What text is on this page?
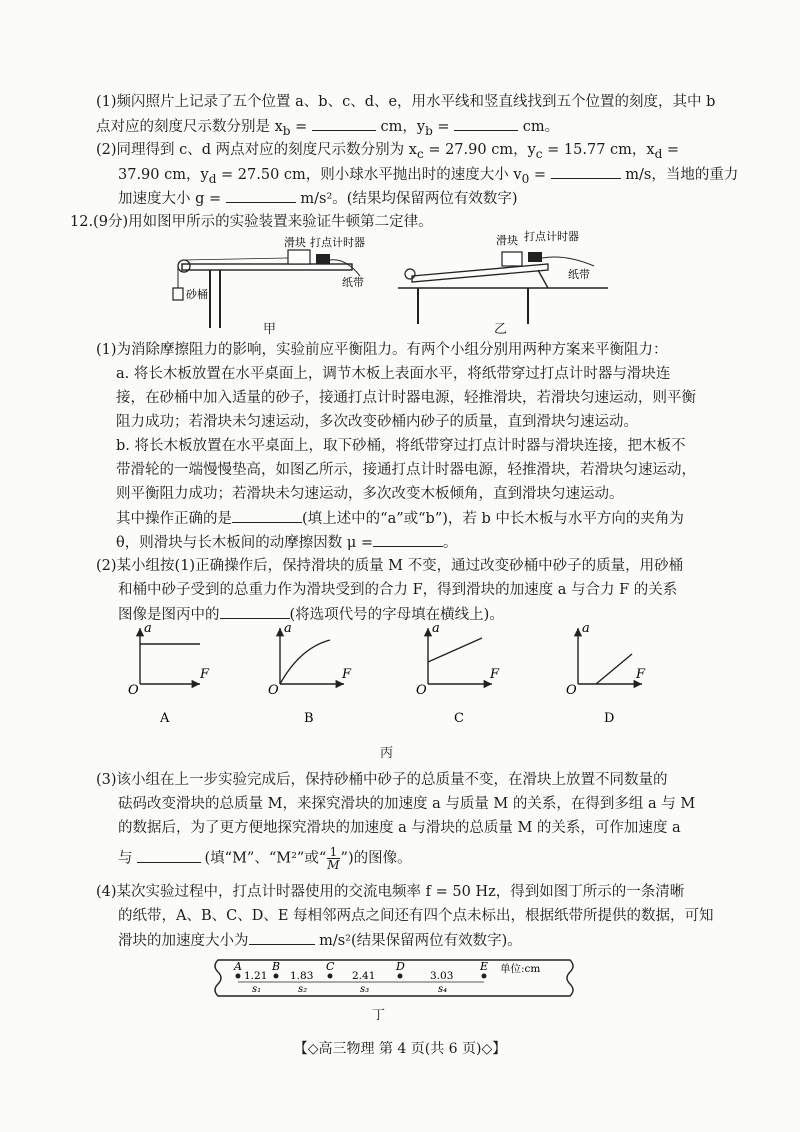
(1)频闪照片上记录了五个位置 a、b、c、d、e，用水平线和竖直线找到五个位置的刻度，其中 b
点对应的刻度尺示数分别是 $x_b$ =	cm，$y_b$ =	cm。
(2)同理得到 c、d 两点对应的刻度尺示数分别为 $x_c = 27.90$ cm，$y_c = 15.77$ cm，$x_d$ =
37.90 cm，$y_d = 27.50$ cm，则小球水平抛出时的速度大小 $v_0$ =	m/s，当地的重力
加速度大小 g =	m/s²。(结果均保留两位有效数字)
12.(9分)用如图甲所示的实验装置来验证牛顿第二定律。
滑块 打点计时器
纸带
砂桶
甲
滑块 打点计时器
纸带
乙
(1)为消除摩擦阻力的影响，实验前应平衡阻力。有两个小组分别用两种方案来平衡阻力：
a. 将长木板放置在水平桌面上，调节木板上表面水平，将纸带穿过打点计时器与滑块连
接，在砂桶中加入适量的砂子，接通打点计时器电源，轻推滑块，若滑块匀速运动，则平衡
阻力成功；若滑块未匀速运动，多次改变砂桶内砂子的质量，直到滑块匀速运动。
b. 将长木板放置在水平桌面上，取下砂桶，将纸带穿过打点计时器与滑块连接，把木板不
带滑轮的一端慢慢垫高，如图乙所示，接通打点计时器电源，轻推滑块，若滑块匀速运动，
则平衡阻力成功；若滑块未匀速运动，多次改变木板倾角，直到滑块匀速运动。
其中操作正确的是	(填上述中的“a”或“b”)，若 b 中长木板与水平方向的夹角为
θ，则滑块与长木板间的动摩擦因数 μ =	。
(2)某小组按(1)正确操作后，保持滑块的质量 M 不变，通过改变砂桶中砂子的质量，用砂桶
和桶中砂子受到的总重力作为滑块受到的合力 F，得到滑块的加速度 a 与合力 F 的关系
图像是图丙中的	(将选项代号的字母填在横线上)。
a
F
O
A
a
F
O
B
a
F
O
C
a
F
O
D
丙
(3)该小组在上一步实验完成后，保持砂桶中砂子的总质量不变，在滑块上放置不同数量的
砝码改变滑块的总质量 M，来探究滑块的加速度 a 与质量 M 的关系，在得到多组 a 与 M
的数据后，为了更方便地探究滑块的加速度 a 与滑块的总质量 M 的关系，可作加速度 a
与	(填“M”、“M²”或“ $\frac{1}{M}$ ”)的图像。
(4)某次实验过程中，打点计时器使用的交流电频率 f = 50 Hz，得到如图丁所示的一条清晰
的纸带，A、B、C、D、E 每相邻两点之间还有四个点未标出，根据纸带所提供的数据，可知
滑块的加速度大小为	m/s²(结果保留两位有效数字)。
A	B	C	D	E
1.21 1.83	2.41	3.03
单位:cm
s₁	s₂	s₃	s₄
丁
【◇高三物理 第 4 页(共 6 页)◇】
